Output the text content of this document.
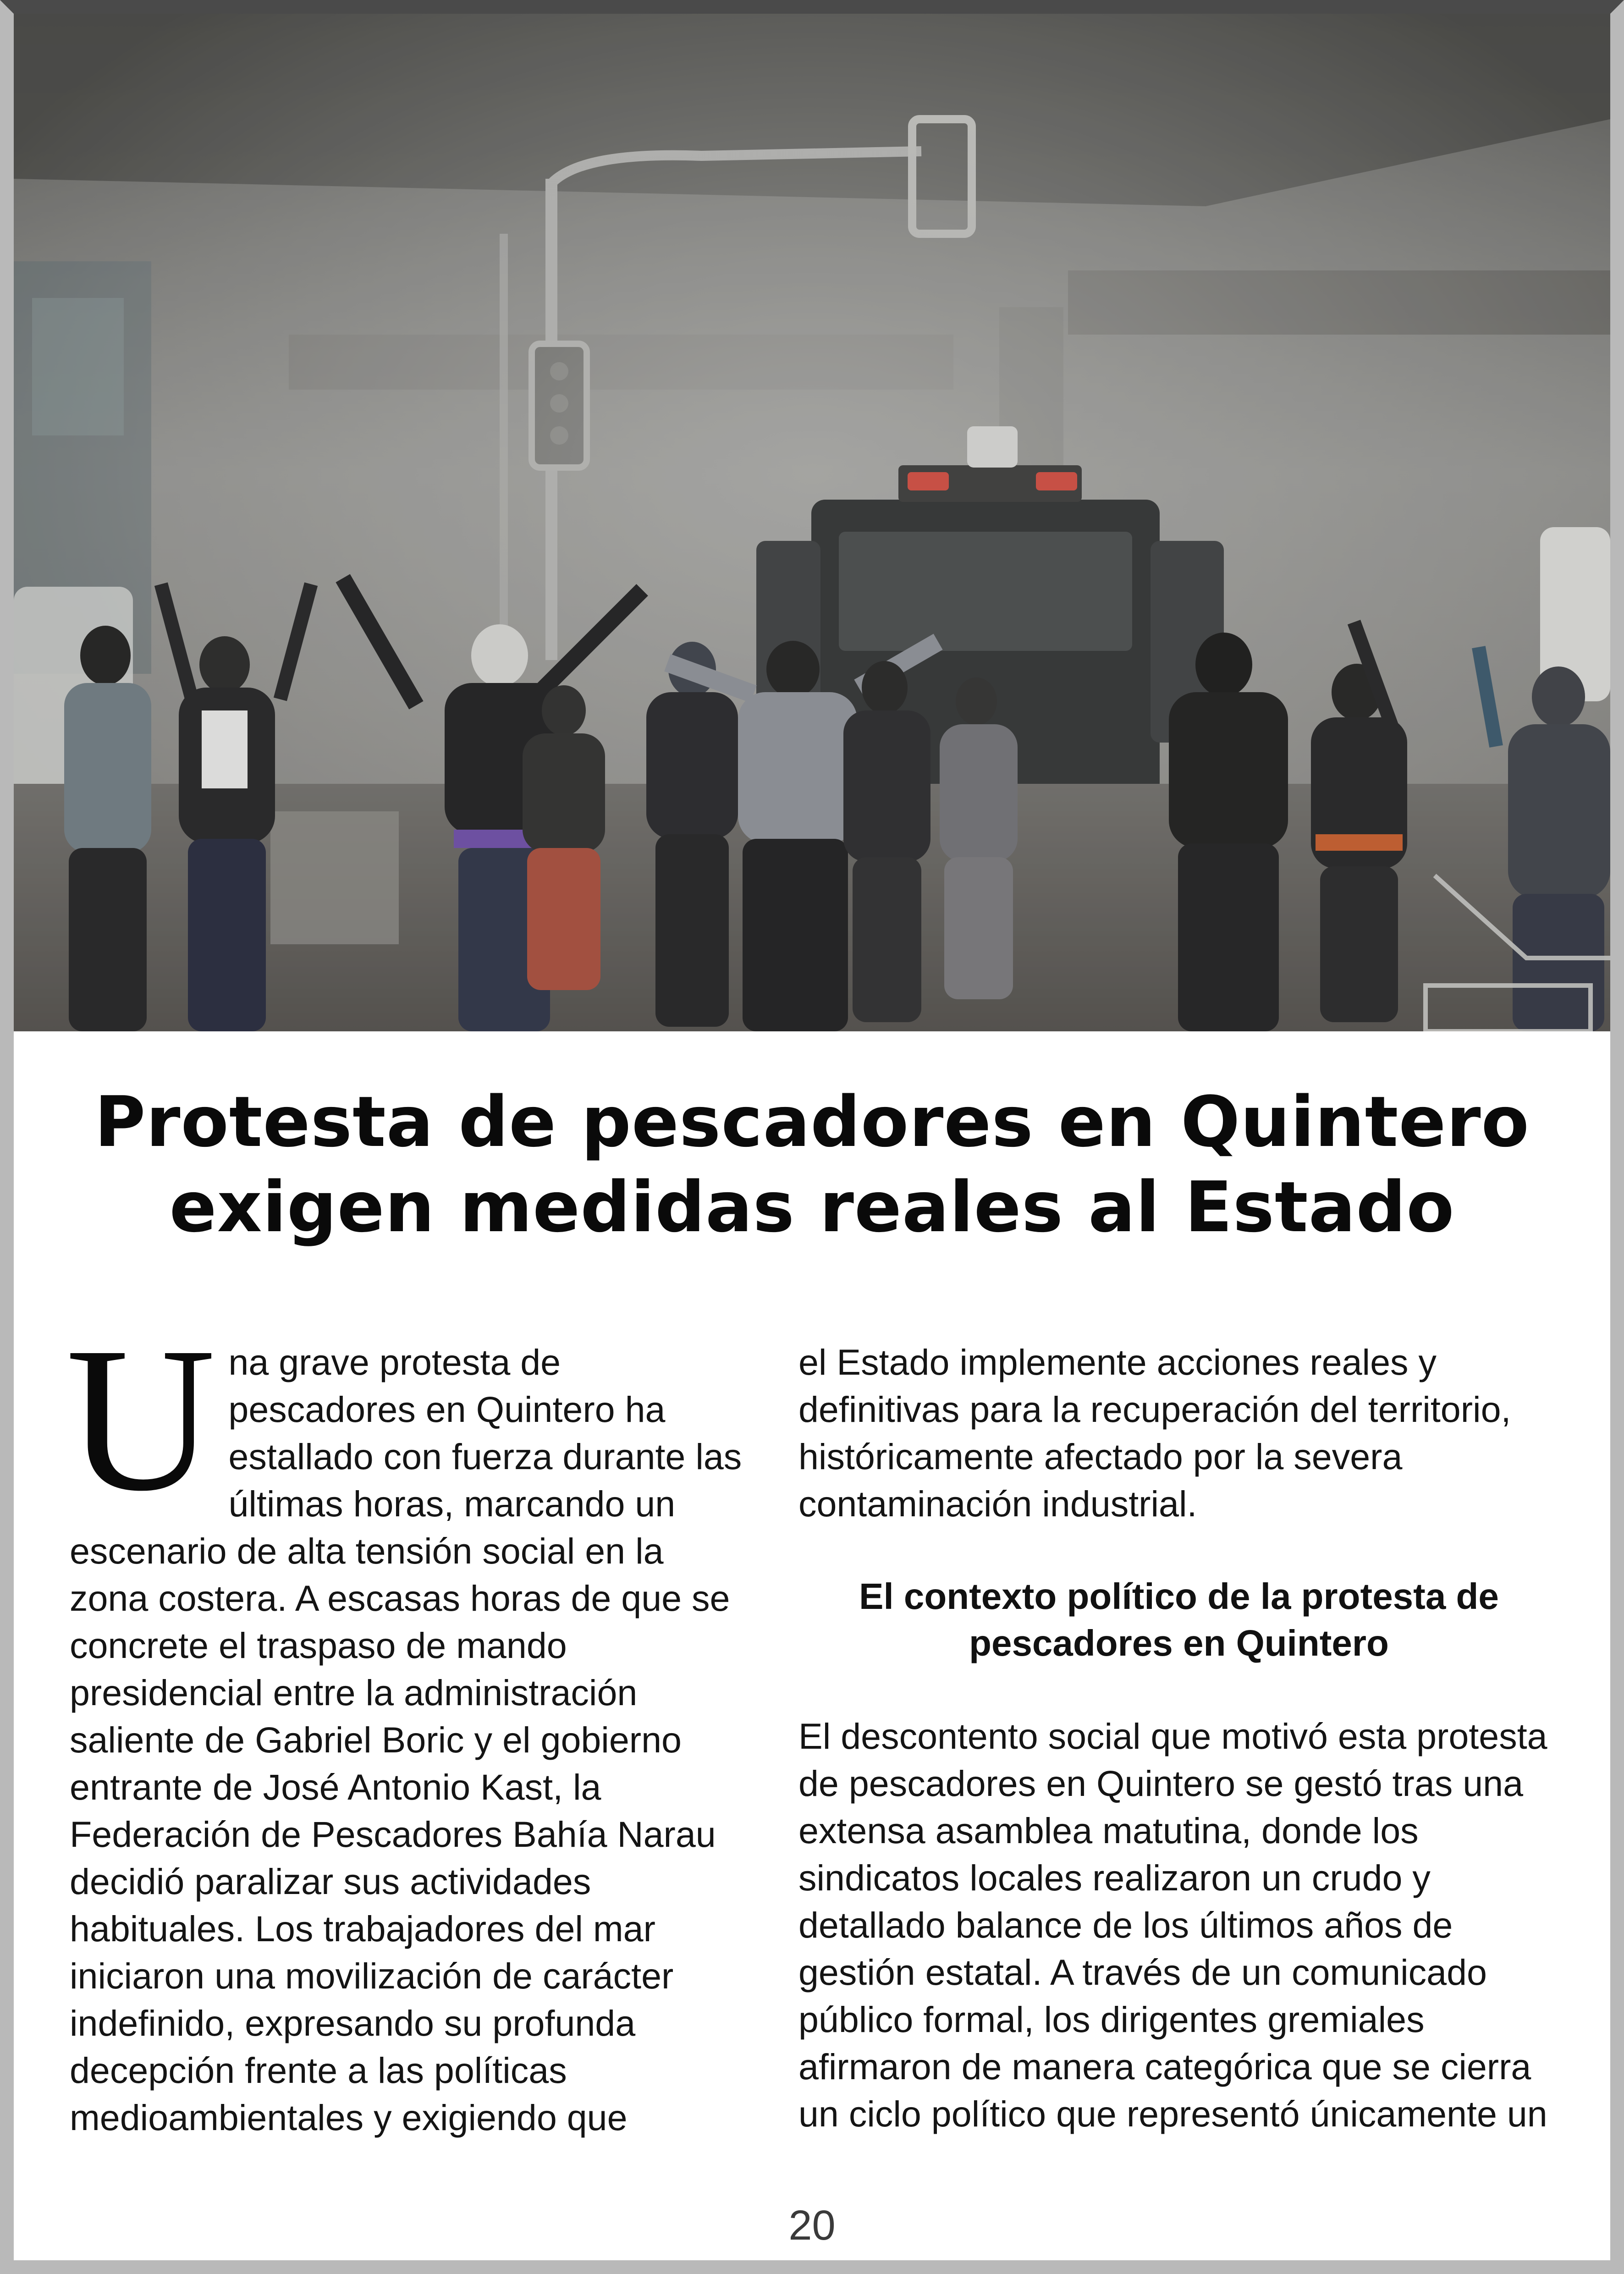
Protesta de pescadores en Quintero
exigen medidas reales al Estado
U na grave protesta de pescadores en Quintero ha estallado con fuerza durante las últimas horas, marcando un escenario de alta tensión social en la zona costera. A escasas horas de que se concrete el traspaso de mando presidencial entre la administración saliente de Gabriel Boric y el gobierno entrante de José Antonio Kast, la Federación de Pescadores Bahía Narau decidió paralizar sus actividades habituales. Los trabajadores del mar iniciaron una movilización de carácter indefinido, expresando su profunda decepción frente a las políticas medioambientales y exigiendo que

el Estado implemente acciones reales y definitivas para la recuperación del territorio, históricamente afectado por la severa contaminación industrial.

El contexto político de la protesta de pescadores en Quintero

El descontento social que motivó esta protesta de pescadores en Quintero se gestó tras una extensa asamblea matutina, donde los sindicatos locales realizaron un crudo y detallado balance de los últimos años de gestión estatal. A través de un comunicado público formal, los dirigentes gremiales afirmaron de manera categórica que se cierra un ciclo político que representó únicamente un

20
